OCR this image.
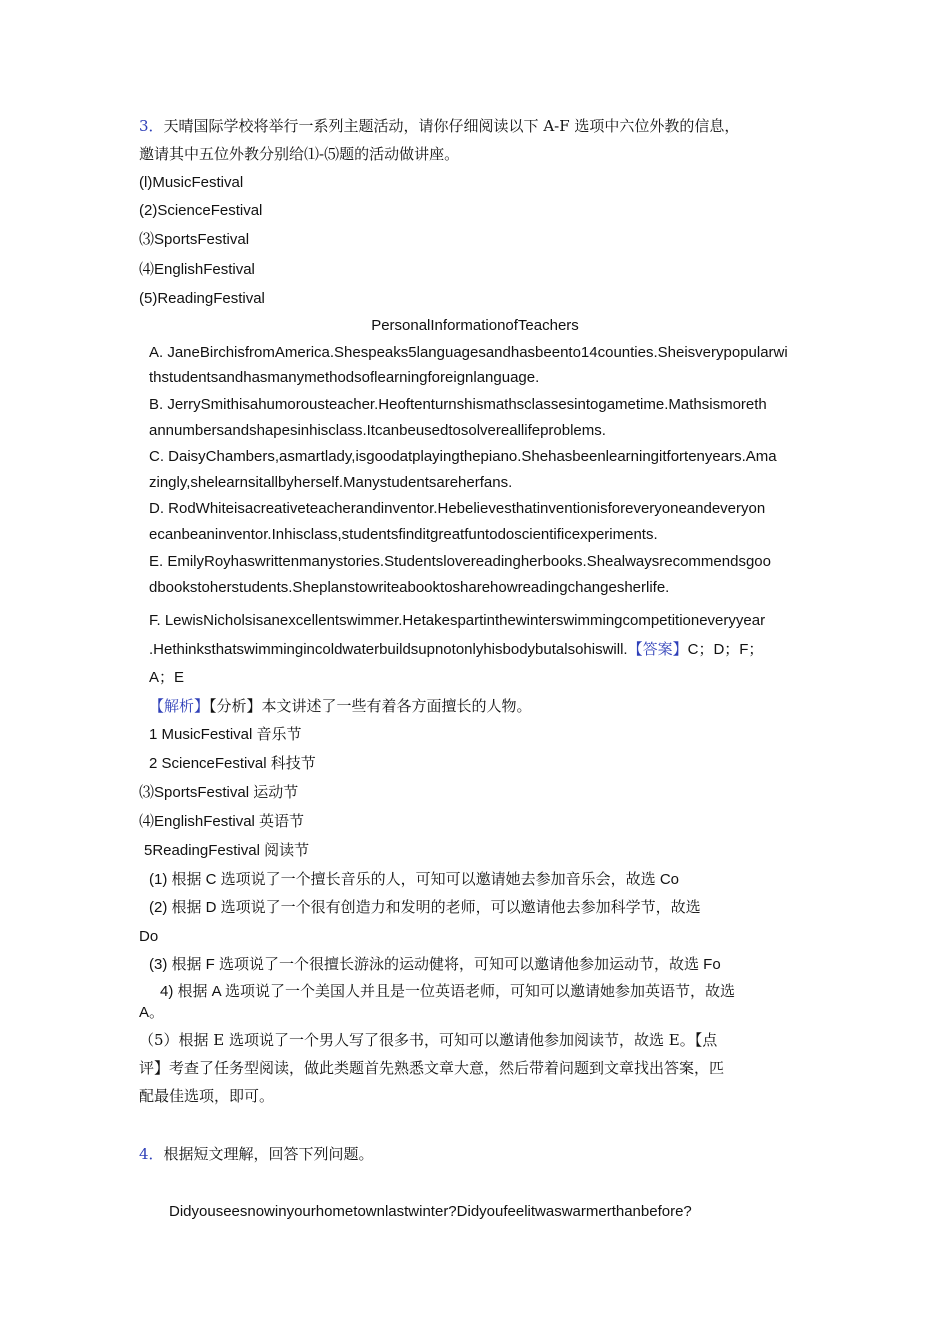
3．天晴国际学校将举行一系列主题活动，请你仔细阅读以下 A-F 选项中六位外教的信息，
邀请其中五位外教分别给⑴-⑸题的活动做讲座。
(l)MusicFestival
(2)ScienceFestival
⑶SportsFestival
⑷EnglishFestival
(5)ReadingFestival
PersonalInformationofTeachers
A. JaneBirchisfromAmerica.Shespeaks5languagesandhasbeento14counties.Sheisverypopularwi
thstudentsandhasmanymethodsoflearningforeignlanguage.
B. JerrySmithisahumorousteacher.Heoftenturnshismathsclassesintogametime.Mathsismoreth
annumbersandshapesinhisclass.Itcanbeusedtosolvereallifeproblems.
C. DaisyChambers,asmartlady,isgoodatplayingthepiano.Shehasbeenlearningitfortenyears.Ama
zingly,shelearnsitallbyherself.Manystudentsareherfans.
D. RodWhiteisacreativeteacherandinventor.Hebelievesthatinventionisforeveryoneandeveryon
ecanbeaninventor.Inhisclass,studentsfinditgreatfuntodoscientificexperiments.
E. EmilyRoyhaswrittenmanystories.Studentslovereadingherbooks.Shealwaysrecommendsgoo
dbookstoherstudents.Sheplanstowriteabooktosharehowreadingchangesherlife.
F. LewisNicholsisanexcellentswimmer.Hetakespartinthewinterswimmingcompetitioneveryyear
.Hethinksthatswimmingincoldwaterbuildsupnotonlyhisbodybutalsohiswill.【答案】C；D；F；
A；E
【解析】【分析】本文讲述了一些有着各方面擅长的人物。
1 MusicFestival 音乐节
2 ScienceFestival 科技节
⑶SportsFestival 运动节
⑷EnglishFestival 英语节
5ReadingFestival 阅读节
(1) 根据 C 选项说了一个擅长音乐的人，可知可以邀请她去参加音乐会，故选 Co
(2) 根据 D 选项说了一个很有创造力和发明的老师，可以邀请他去参加科学节，故选
Do
(3) 根据 F 选项说了一个很擅长游泳的运动健将，可知可以邀请他参加运动节，故选 Fo
4) 根据 A 选项说了一个美国人并且是一位英语老师，可知可以邀请她参加英语节，故选
A。
（5）根据 E 选项说了一个男人写了很多书，可知可以邀请他参加阅读节，故选 E。【点
评】考查了任务型阅读，做此类题首先熟悉文章大意，然后带着问题到文章找出答案，匹
配最佳选项，即可。
4．根据短文理解，回答下列问题。
Didyouseesnowinyourhometownlastwinter?Didyoufeelitwaswarmerthanbefore?
